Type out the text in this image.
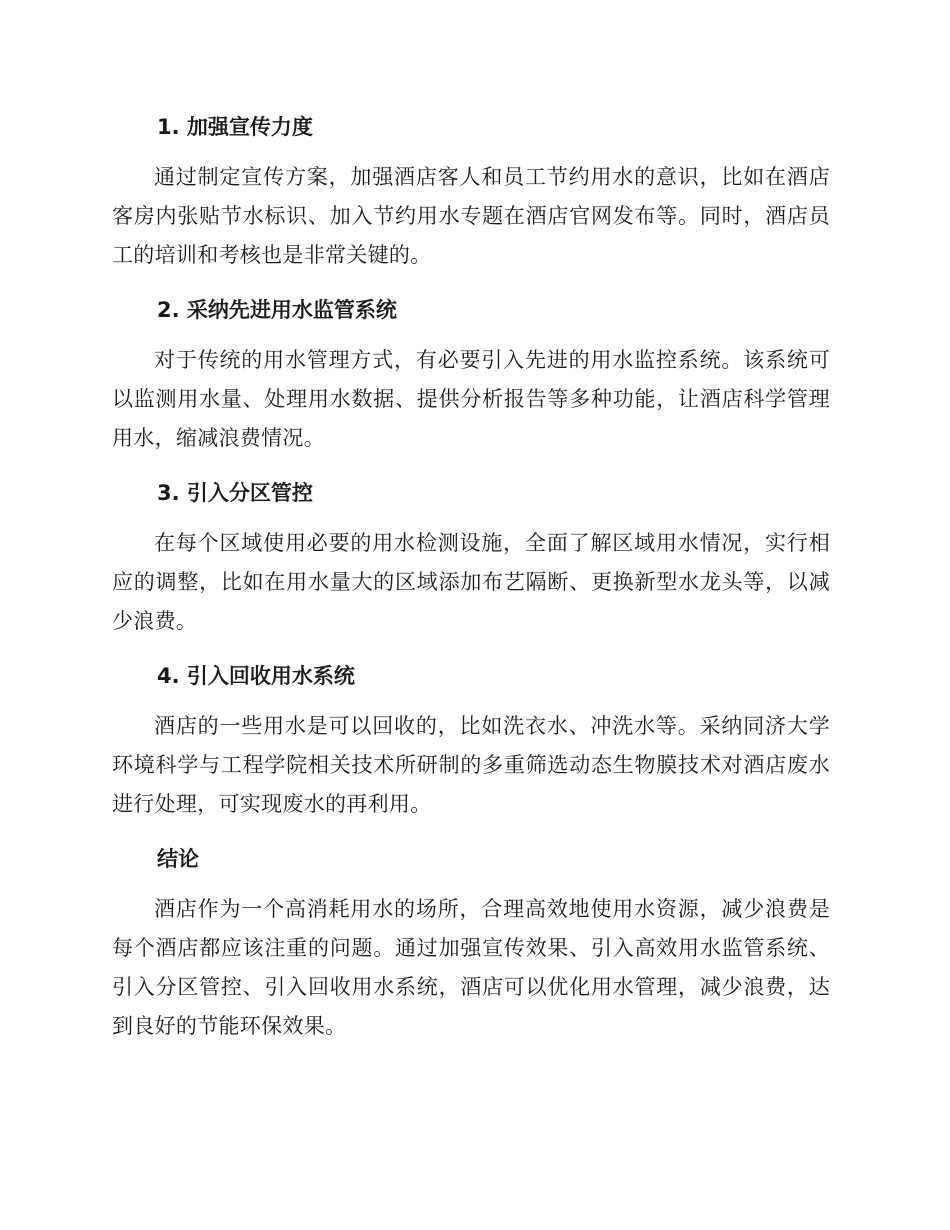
1. 加强宣传力度

通过制定宣传方案，加强酒店客人和员工节约用水的意识，比如在酒店客房内张贴节水标识、加入节约用水专题在酒店官网发布等。同时，酒店员工的培训和考核也是非常关键的。

2. 采纳先进用水监管系统

对于传统的用水管理方式，有必要引入先进的用水监控系统。该系统可以监测用水量、处理用水数据、提供分析报告等多种功能，让酒店科学管理用水，缩减浪费情况。

3. 引入分区管控

在每个区域使用必要的用水检测设施，全面了解区域用水情况，实行相应的调整，比如在用水量大的区域添加布艺隔断、更换新型水龙头等，以减少浪费。

4. 引入回收用水系统

酒店的一些用水是可以回收的，比如洗衣水、冲洗水等。采纳同济大学环境科学与工程学院相关技术所研制的多重筛选动态生物膜技术对酒店废水进行处理，可实现废水的再利用。

结论

酒店作为一个高消耗用水的场所，合理高效地使用水资源，减少浪费是每个酒店都应该注重的问题。通过加强宣传效果、引入高效用水监管系统、引入分区管控、引入回收用水系统，酒店可以优化用水管理，减少浪费，达到良好的节能环保效果。
